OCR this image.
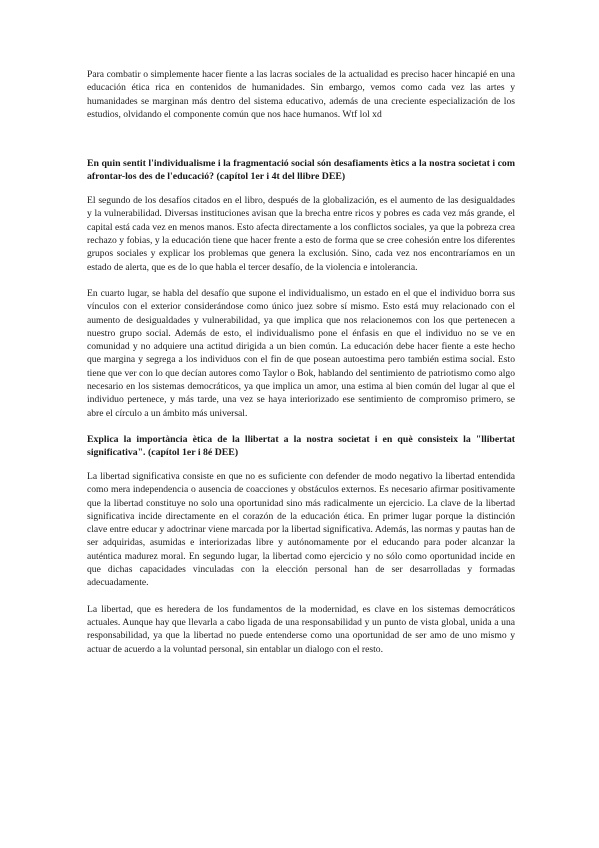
Para combatir o simplemente hacer fiente a las lacras sociales de la actualidad es preciso hacer hincapié en una educación ética rica en contenidos de humanidades. Sin embargo, vemos como cada vez las artes y humanidades se marginan más dentro del sistema educativo, además de una creciente especialización de los estudios, olvidando el componente común que nos hace humanos. Wtf lol xd

En quin sentit l'individualisme i la fragmentació social són desafiaments ètics a la nostra societat i com afrontar-los des de l'educació? (capítol 1er i 4t del llibre DEE)

El segundo de los desafíos citados en el libro, después de la globalización, es el aumento de las desigualdades y la vulnerabilidad. Diversas instituciones avisan que la brecha entre ricos y pobres es cada vez más grande, el capital está cada vez en menos manos. Esto afecta directamente a los conflictos sociales, ya que la pobreza crea rechazo y fobias, y la educación tiene que hacer frente a esto de forma que se cree cohesión entre los diferentes grupos sociales y explicar los problemas que genera la exclusión. Sino, cada vez nos encontraríamos en un estado de alerta, que es de lo que habla el tercer desafío, de la violencia e intolerancia.

En cuarto lugar, se habla del desafío que supone el individualismo, un estado en el que el individuo borra sus vínculos con el exterior considerándose como único juez sobre sí mismo. Esto está muy relacionado con el aumento de desigualdades y vulnerabilidad, ya que implica que nos relacionemos con los que pertenecen a nuestro grupo social. Además de esto, el individualismo pone el énfasis en que el individuo no se ve en comunidad y no adquiere una actitud dirigida a un bien común. La educación debe hacer fiente a este hecho que margina y segrega a los individuos con el fin de que posean autoestima pero también estima social. Esto tiene que ver con lo que decían autores como Taylor o Bok, hablando del sentimiento de patriotismo como algo necesario en los sistemas democráticos, ya que implica un amor, una estima al bien común del lugar al que el individuo pertenece, y más tarde, una vez se haya interiorizado ese sentimiento de compromiso primero, se abre el círculo a un ámbito más universal.

Explica la importància ètica de la llibertat a la nostra societat i en què consisteix la "llibertat significativa". (capítol 1er i 8é DEE)

La libertad significativa consiste en que no es suficiente con defender de modo negativo la libertad entendida como mera independencia o ausencia de coacciones y obstáculos externos. Es necesario afirmar positivamente que la libertad constituye no solo una oportunidad sino más radicalmente un ejercicio. La clave de la libertad significativa incide directamente en el corazón de la educación ética. En primer lugar porque la distinción clave entre educar y adoctrinar viene marcada por la libertad significativa. Además, las normas y pautas han de ser adquiridas, asumidas e interiorizadas libre y autónomamente por el educando para poder alcanzar la auténtica madurez moral. En segundo lugar, la libertad como ejercicio y no sólo como oportunidad incide en que dichas capacidades vinculadas con la elección personal han de ser desarrolladas y formadas adecuadamente.

La libertad, que es heredera de los fundamentos de la modernidad, es clave en los sistemas democráticos actuales. Aunque hay que llevarla a cabo ligada de una responsabilidad y un punto de vista global, unida a una responsabilidad, ya que la libertad no puede entenderse como una oportunidad de ser amo de uno mismo y actuar de acuerdo a la voluntad personal, sin entablar un dialogo con el resto.
